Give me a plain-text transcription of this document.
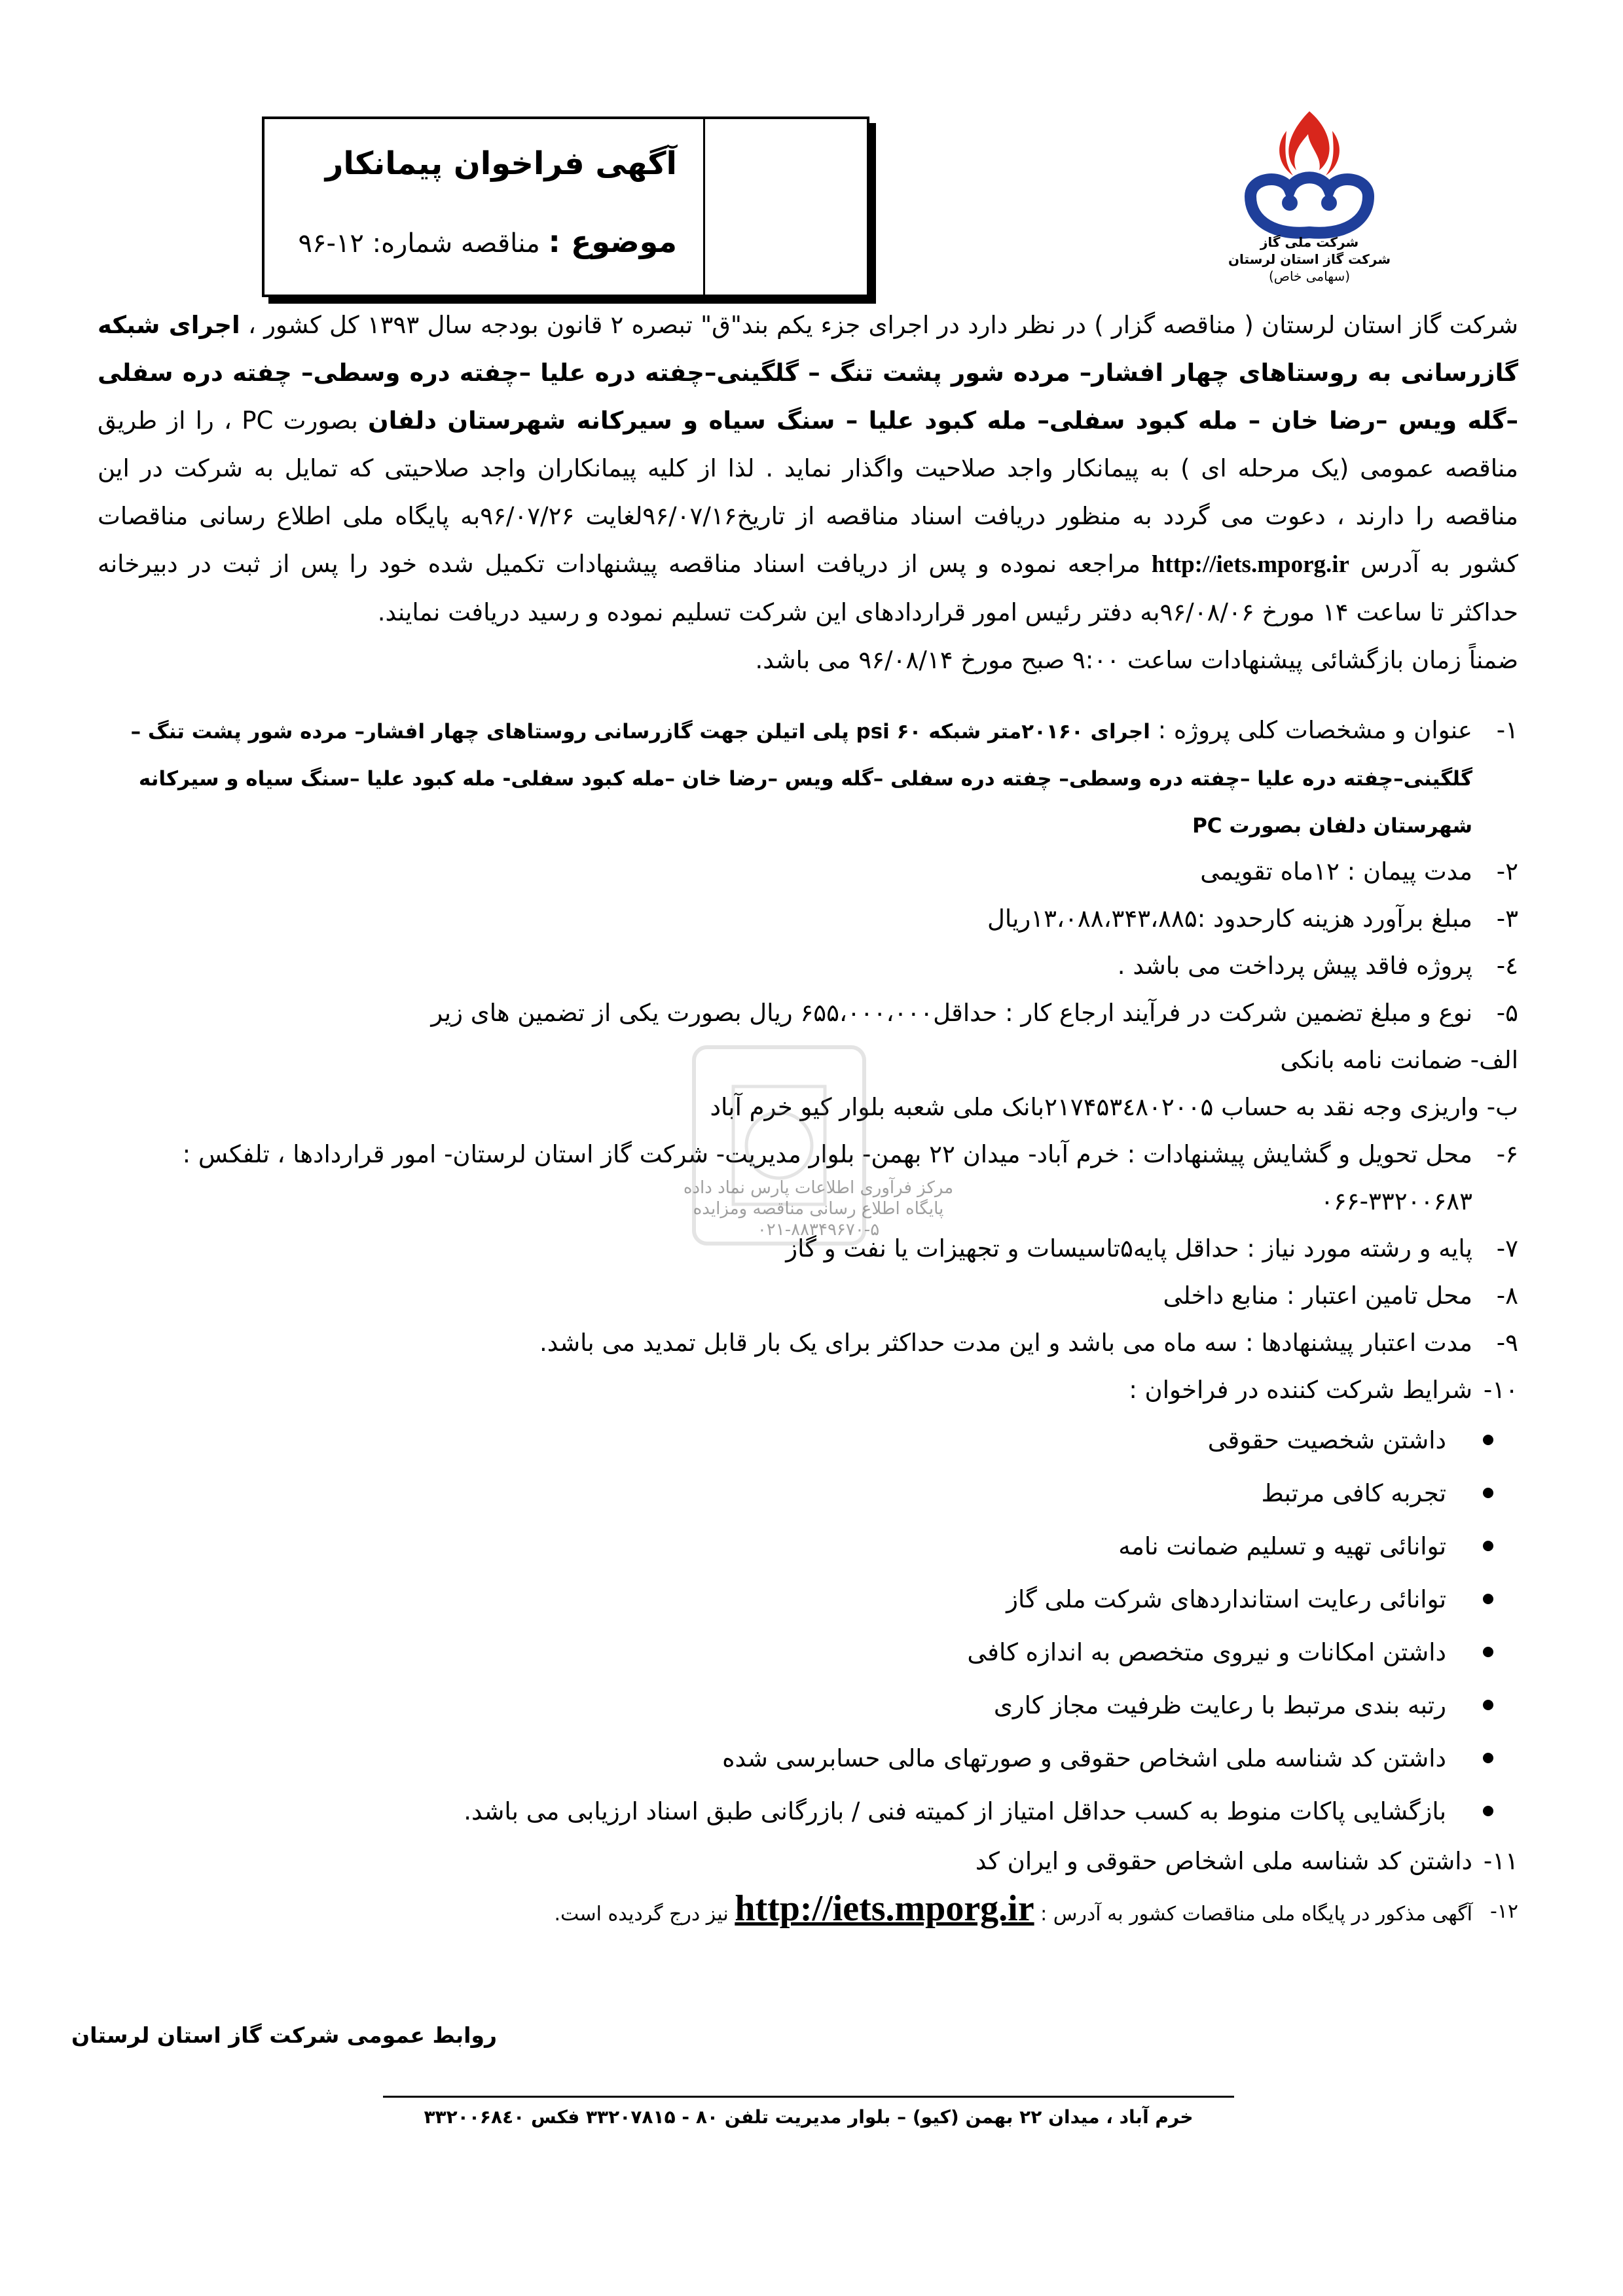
آگهی فراخوان پیمانکار
موضوع : مناقصه شماره: ۱۲-۹۶	شرکت ملی گاز
شرکت گاز استان لرستان
(سهامی خاص)
شرکت گاز استان لرستان ( مناقصه گزار ) در نظر دارد در اجرای جزء یکم بند"ق" تبصره ۲ قانون بودجه سال ۱۳۹۳ کل کشور ، اجرای شبکه گازرسانی به روستاهای چهار افشار– مرده شور پشت تنگ – گلگینی–چفته دره علیا –چفته دره وسطی– چفته دره سفلی –گله ویس –رضا خان – مله کبود سفلی– مله کبود علیا – سنگ سیاه و سیرکانه شهرستان دلفان بصورت PC ، را از طریق مناقصه عمومی (یک مرحله ای ) به پیمانکار واجد صلاحیت واگذار نماید . لذا از کلیه پیمانکاران واجد صلاحیتی که تمایل به شرکت در این مناقصه را دارند ، دعوت می گردد به منظور دریافت اسناد مناقصه از تاریخ۹۶/۰۷/۱۶لغایت ۹۶/۰۷/۲۶به پایگاه ملی اطلاع رسانی مناقصات کشور به آدرس http://iets.mporg.ir مراجعه نموده و پس از دریافت اسناد مناقصه پیشنهادات تکمیل شده خود را پس از ثبت در دبیرخانه حداکثر تا ساعت ۱۴ مورخ ۹۶/۰۸/۰۶به دفتر رئیس امور قراردادهای این شرکت تسلیم نموده و رسید دریافت نمایند.
ضمناً زمان بازگشائی پیشنهادات ساعت ۹:۰۰ صبح مورخ ۹۶/۰۸/۱۴ می باشد.
۱-
عنوان و مشخصات کلی پروژه : اجرای ۲۰۱۶۰متر شبکه ۶۰ psi پلی اتیلن جهت گازرسانی روستاهای چهار افشار– مرده شور پشت تنگ – گلگینی–چفته دره علیا –چفته دره وسطی– چفته دره سفلی –گله ویس –رضا خان –مله کبود سفلی- مله کبود علیا –سنگ سیاه و سیرکانه شهرستان دلفان بصورت PC
۲-
مدت پیمان : ۱۲ماه تقویمی
۳-
مبلغ برآورد هزینه کارحدود :۱۳،۰۸۸،۳۴۳،۸۸۵ریال
٤-
پروژه فاقد پیش پرداخت می باشد .
۵-
نوع و مبلغ تضمین شرکت در فرآیند ارجاع کار : حداقل۶۵۵،۰۰۰،۰۰۰ ریال بصورت یکی از تضمین های زیر
الف- ضمانت نامه بانکی
ب- واریزی وجه نقد به حساب ۲۱۷۴۵۳٤۸۰۲۰۰۵بانک ملی شعبه بلوار کیو خرم آباد
۶-
محل تحویل و گشایش پیشنهادات : خرم آباد- میدان ۲۲ بهمن- بلوار مدیریت- شرکت گاز استان لرستان- امور قراردادها ، تلفکس : ۳۳۲۰۰۶۸۳-۰۶۶
۷-
پایه و رشته مورد نیاز : حداقل پایه۵تاسیسات و تجهیزات یا نفت و گاز
۸-
محل تامین اعتبار : منابع داخلی
۹-
مدت اعتبار پیشنهادها : سه ماه می باشد و این مدت حداکثر برای یک بار قابل تمدید می باشد.
۱۰-
شرایط شرکت کننده در فراخوان :
داشتن شخصیت حقوقی
تجربه کافی مرتبط
توانائی تهیه و تسلیم ضمانت نامه
توانائی رعایت استانداردهای شرکت ملی گاز
داشتن امکانات و نیروی متخصص به اندازه کافی
رتبه بندی مرتبط با رعایت ظرفیت مجاز کاری
داشتن کد شناسه ملی اشخاص حقوقی و صورتهای مالی حسابرسی شده
بازگشایی پاکات منوط به کسب حداقل امتیاز از کمیته فنی / بازرگانی طبق اسناد ارزیابی می باشد.
۱۱-
داشتن کد شناسه ملی اشخاص حقوقی و ایران کد
۱۲-
آگهی مذکور در پایگاه ملی مناقصات کشور به آدرس : http://iets.mporg.ir نیز درج گردیده است.
مرکز فرآوری اطلاعات پارس نماد داده
پایگاه اطلاع رسانی مناقصه ومزایده
۰۲۱-۸۸۳۴۹۶۷۰-۵
روابط عمومی شرکت گاز استان لرستان
خرم آباد ، میدان ۲۲ بهمن (کیو) – بلوار مدیریت تلفن ۸۰ - ۳۳۲۰۷۸۱۵ فکس ۳۳۲۰۰۶۸٤۰
